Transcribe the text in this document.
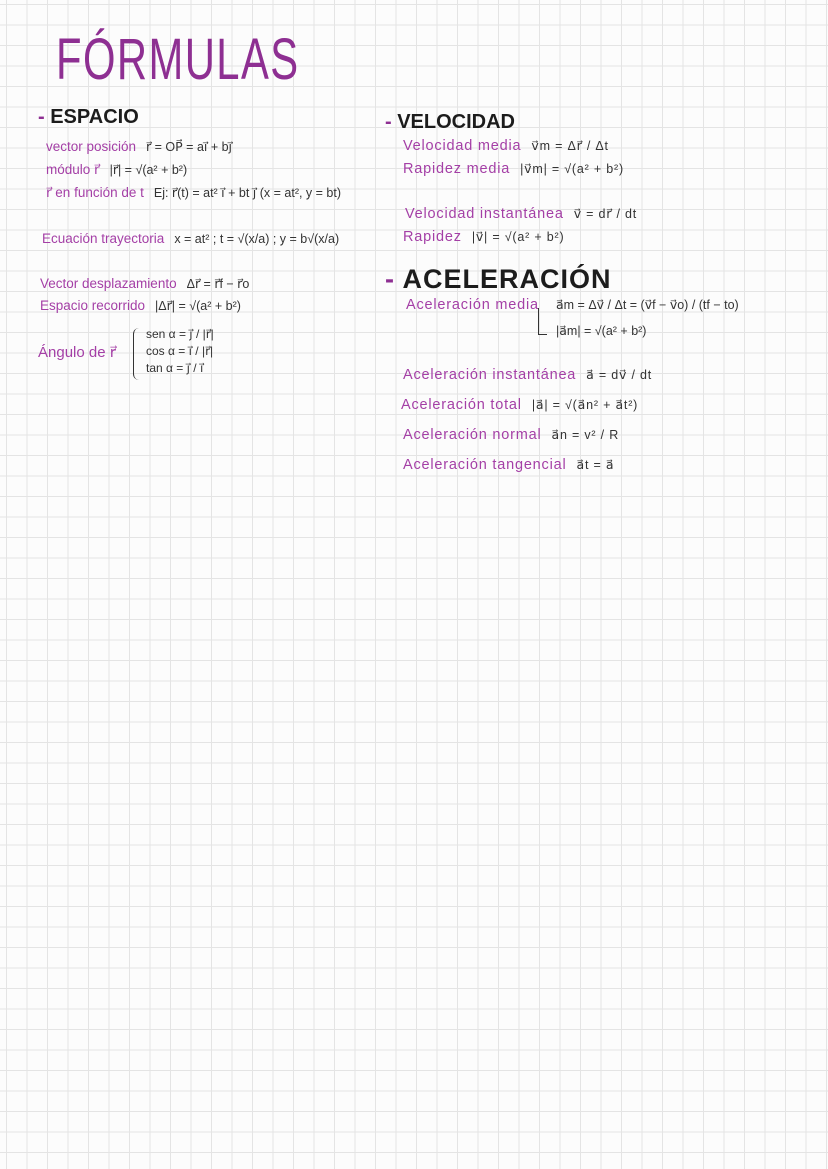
FÓRMULAS
- ESPACIO
vector posición r⃗ = OP⃗ = ai⃗ + bj⃗
módulo r⃗ |r⃗| = √(a² + b²)
r⃗ en función de t Ej: r⃗(t) = at² i⃗ + bt j⃗ (x = at², y = bt)
Ecuación trayectoria x = at² ; t = √(x/a) ; y = b√(x/a)
Vector desplazamiento Δr⃗ = r⃗f − r⃗o
Espacio recorrido |Δr⃗| = √(a² + b²)
Ángulo de r⃗
sen α = j⃗ / |r⃗|
cos α = i⃗ / |r⃗|
tan α = j⃗ / i⃗
- VELOCIDAD
Velocidad media v⃗m = Δr⃗ / Δt
Rapidez media |v⃗m| = √(a² + b²)
Velocidad instantánea v⃗ = dr⃗ / dt
Rapidez |v⃗| = √(a² + b²)
- ACELERACIÓN
Aceleración media a⃗m = Δv⃗ / Δt = (v⃗f − v⃗o) / (tf − to)
|a⃗m| = √(a² + b²)
Aceleración instantánea a⃗ = dv⃗ / dt
Aceleración total |a⃗| = √(a⃗n² + a⃗t²)
Aceleración normal a⃗n = v² / R
Aceleración tangencial a⃗t = a⃗
